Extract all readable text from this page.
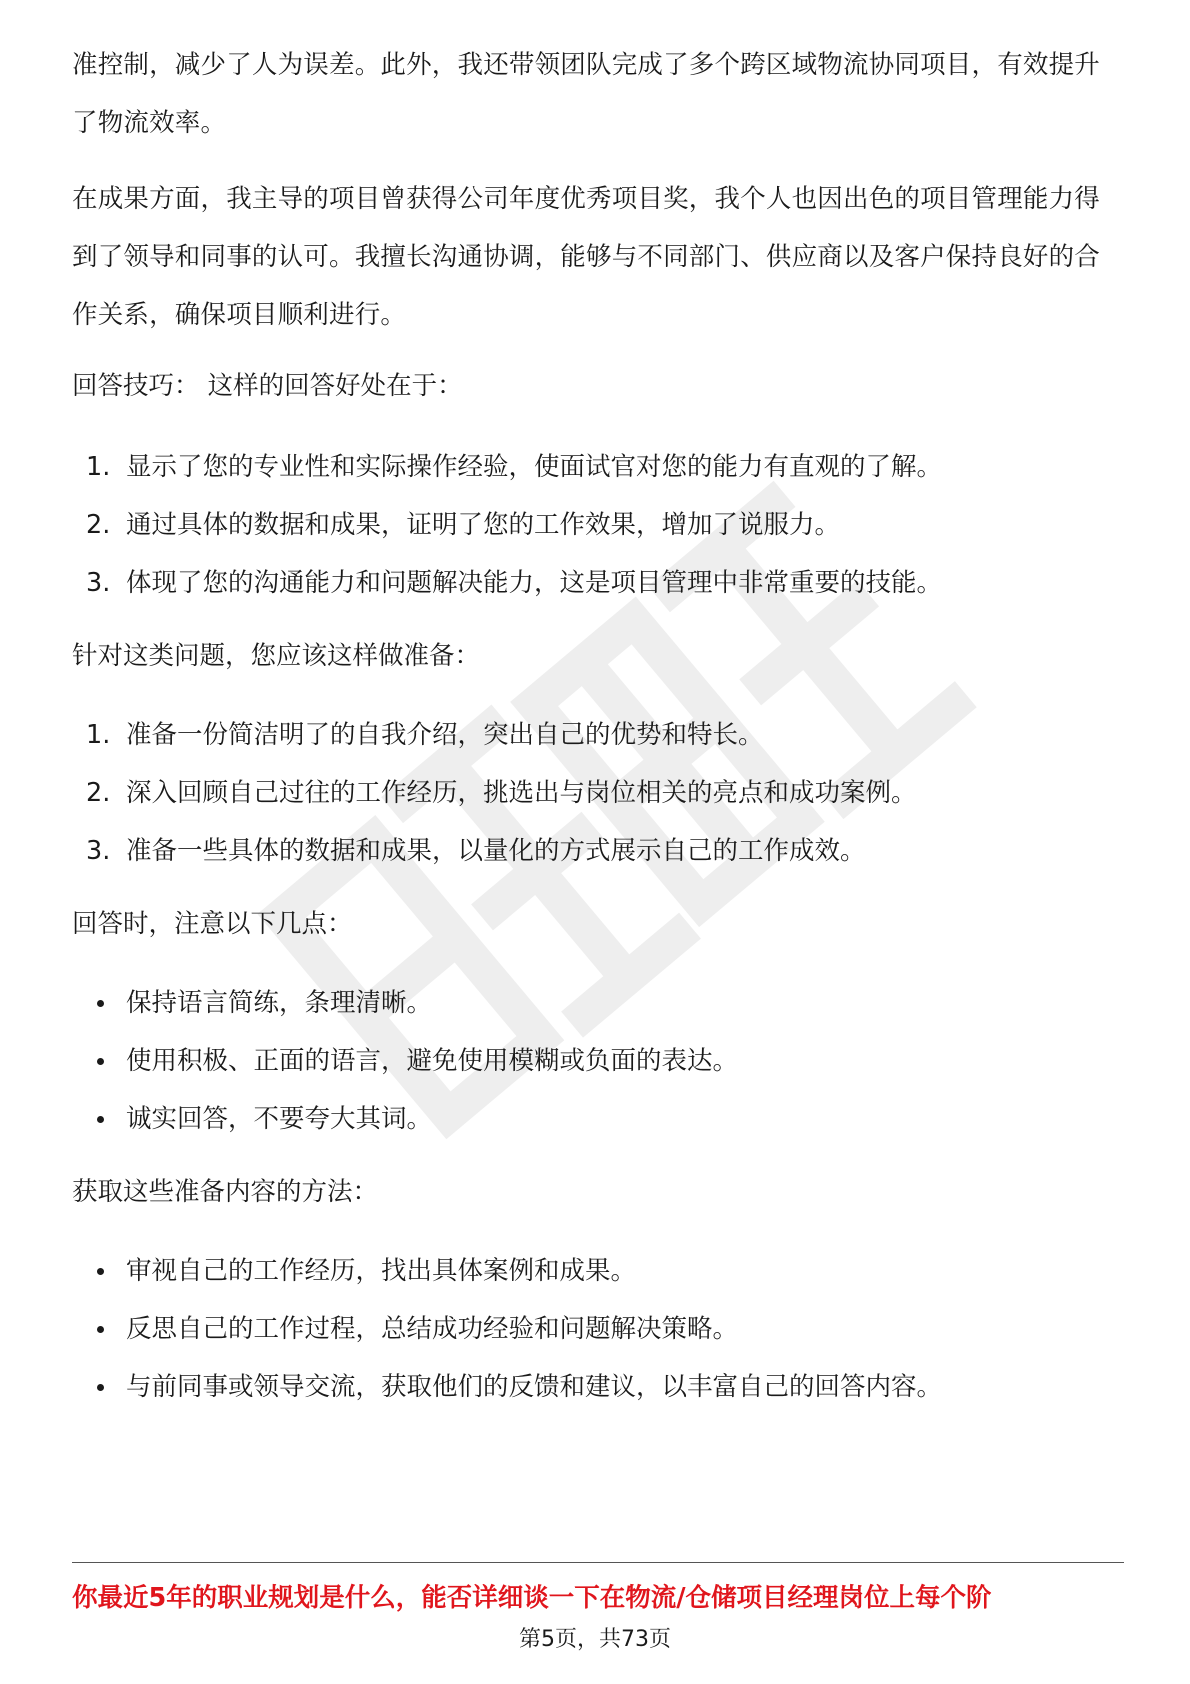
准控制，减少了人为误差。此外，我还带领团队完成了多个跨区域物流协同项目，有效提升了物流效率。

在成果方面，我主导的项目曾获得公司年度优秀项目奖，我个人也因出色的项目管理能力得到了领导和同事的认可。我擅长沟通协调，能够与不同部门、供应商以及客户保持良好的合作关系，确保项目顺利进行。

回答技巧： 这样的回答好处在于：

1. 显示了您的专业性和实际操作经验，使面试官对您的能力有直观的了解。
2. 通过具体的数据和成果，证明了您的工作效果，增加了说服力。
3. 体现了您的沟通能力和问题解决能力，这是项目管理中非常重要的技能。

针对这类问题，您应该这样做准备：

1. 准备一份简洁明了的自我介绍，突出自己的优势和特长。
2. 深入回顾自己过往的工作经历，挑选出与岗位相关的亮点和成功案例。
3. 准备一些具体的数据和成果，以量化的方式展示自己的工作成效。

回答时，注意以下几点：

保持语言简练，条理清晰。
使用积极、正面的语言，避免使用模糊或负面的表达。
诚实回答，不要夸大其词。

获取这些准备内容的方法：

审视自己的工作经历，找出具体案例和成果。
反思自己的工作过程，总结成功经验和问题解决策略。
与前同事或领导交流，获取他们的反馈和建议，以丰富自己的回答内容。
你最近5年的职业规划是什么，能否详细谈一下在物流/仓储项目经理岗位上每个阶
第5页，共73页
